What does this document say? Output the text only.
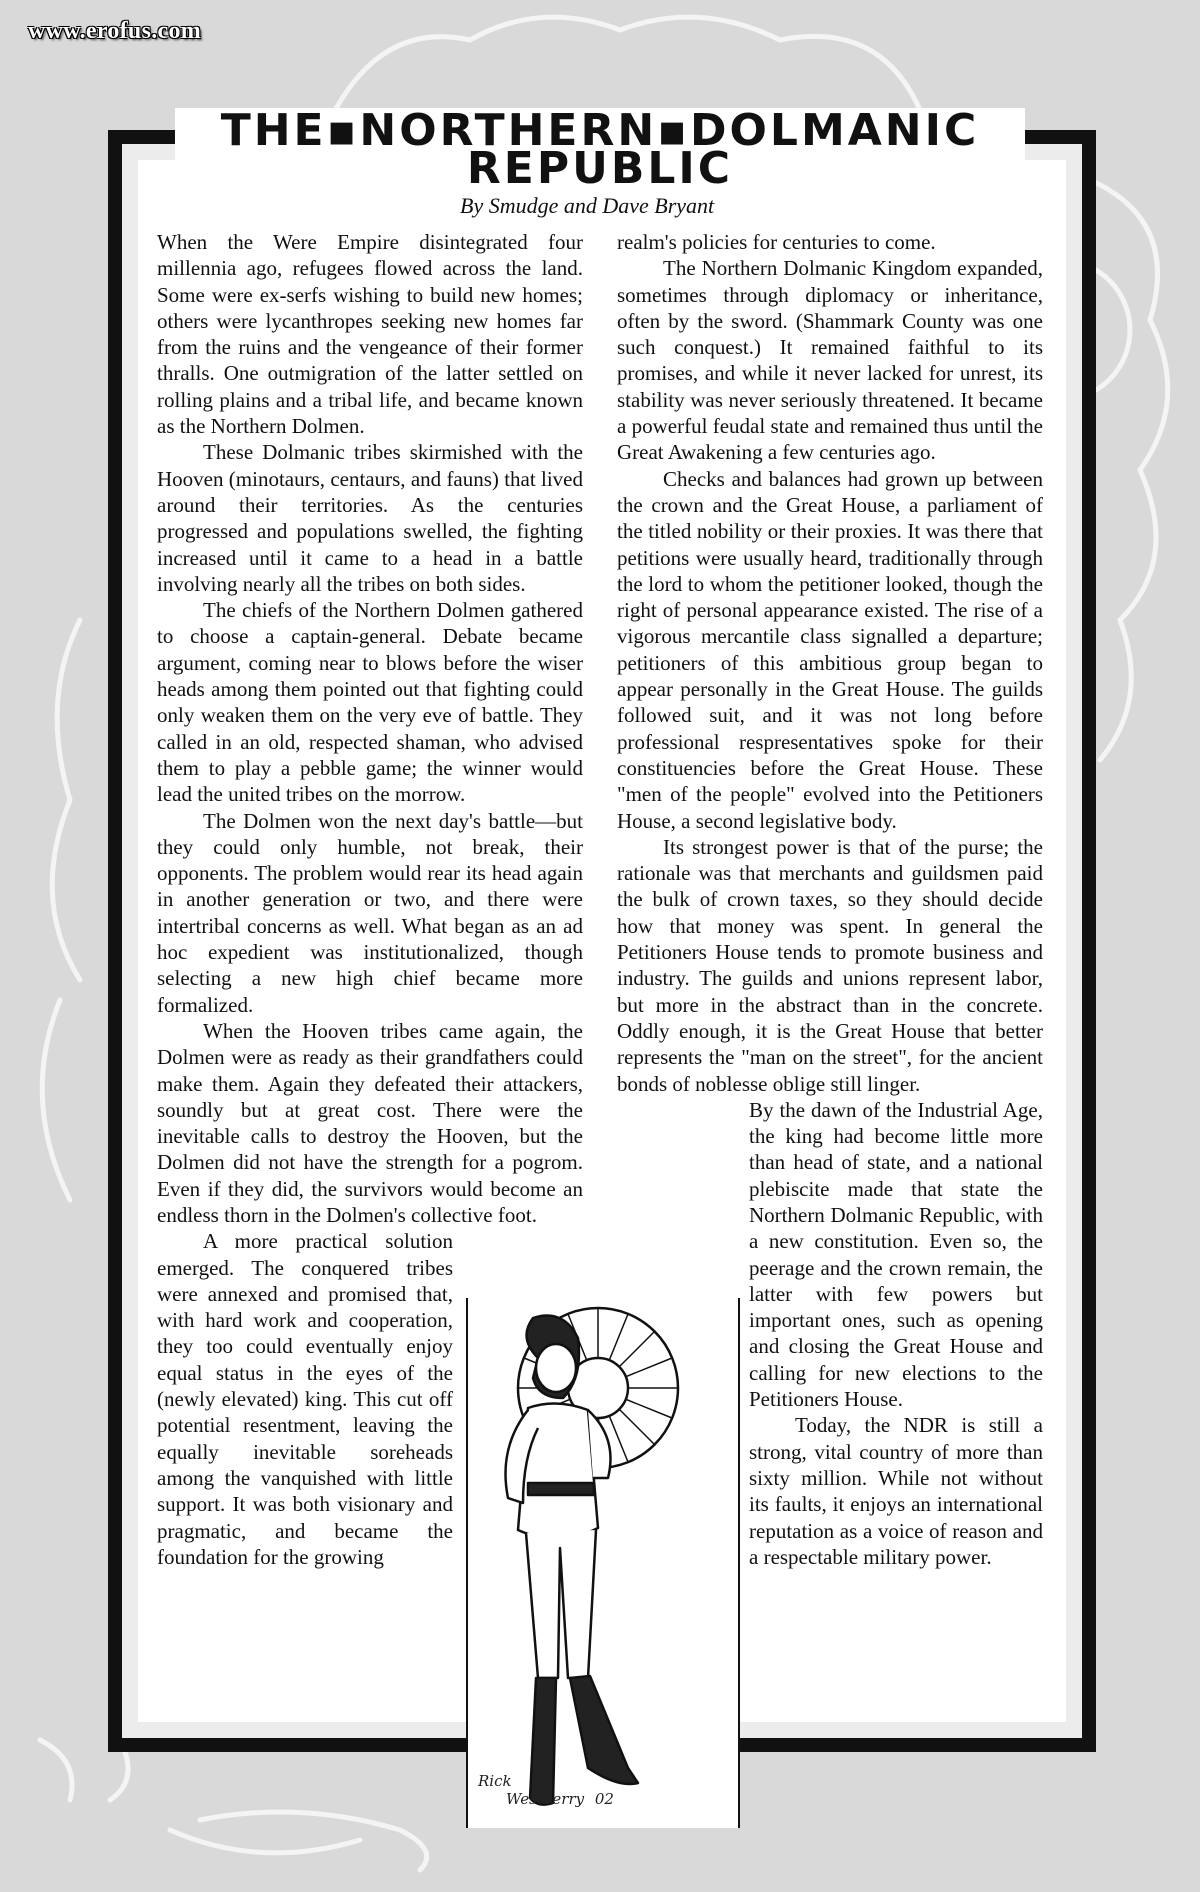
www.erofus.com
THE▪NORTHERN▪DOLMANIC
REPUBLIC
By Smudge and Dave Bryant

When the Were Empire disintegrated four millennia ago, refugees flowed across the land. Some were ex-serfs wishing to build new homes; others were lycanthropes seeking new homes far from the ruins and the vengeance of their former thralls. One outmigration of the latter settled on rolling plains and a tribal life, and became known as the Northern Dolmen.

These Dolmanic tribes skirmished with the Hooven (minotaurs, centaurs, and fauns) that lived around their territories. As the centuries progressed and populations swelled, the fighting increased until it came to a head in a battle involving nearly all the tribes on both sides.

The chiefs of the Northern Dolmen gathered to choose a captain-general. Debate became argument, coming near to blows before the wiser heads among them pointed out that fighting could only weaken them on the very eve of battle. They called in an old, respected shaman, who advised them to play a pebble game; the winner would lead the united tribes on the morrow.

The Dolmen won the next day's battle—but they could only humble, not break, their opponents. The problem would rear its head again in another generation or two, and there were intertribal concerns as well. What began as an ad hoc expedient was institutionalized, though selecting a new high chief became more formalized.

When the Hooven tribes came again, the Dolmen were as ready as their grandfathers could make them. Again they defeated their attackers, soundly but at great cost. There were the inevitable calls to destroy the Hooven, but the Dolmen did not have the strength for a pogrom. Even if they did, the survivors would become an endless thorn in the Dolmen's collective foot.

A more practical solution emerged. The conquered tribes were annexed and promised that, with hard work and cooperation, they too could eventually enjoy equal status in the eyes of the (newly elevated) king. This cut off potential resentment, leaving the equally inevitable soreheads among the vanquished with little support. It was both visionary and pragmatic, and became the foundation for the growing

realm's policies for centuries to come.

The Northern Dolmanic Kingdom expanded, sometimes through diplomacy or inheritance, often by the sword. (Shammark County was one such conquest.) It remained faithful to its promises, and while it never lacked for unrest, its stability was never seriously threatened. It became a powerful feudal state and remained thus until the Great Awakening a few centuries ago.

Checks and balances had grown up between the crown and the Great House, a parliament of the titled nobility or their proxies. It was there that petitions were usually heard, traditionally through the lord to whom the petitioner looked, though the right of personal appearance existed. The rise of a vigorous mercantile class signalled a departure; petitioners of this ambitious group began to appear personally in the Great House. The guilds followed suit, and it was not long before professional respresentatives spoke for their constituencies before the Great House. These "men of the people" evolved into the Petitioners House, a second legislative body.

Its strongest power is that of the purse; the rationale was that merchants and guildsmen paid the bulk of crown taxes, so they should decide how that money was spent. In general the Petitioners House tends to promote business and industry. The guilds and unions represent labor, but more in the abstract than in the concrete. Oddly enough, it is the Great House that better represents the "man on the street", for the ancient bonds of noblesse oblige still linger.

By the dawn of the Industrial Age, the king had become little more than head of state, and a national plebiscite made that state the Northern Dolmanic Republic, with a new constitution. Even so, the peerage and the crown remain, the latter with few powers but important ones, such as opening and closing the Great House and calling for new elections to the Petitioners House.

Today, the NDR is still a strong, vital country of more than sixty million. While not without its faults, it enjoys an international reputation as a voice of reason and a respectable military power.

Rick
Westberry 02
